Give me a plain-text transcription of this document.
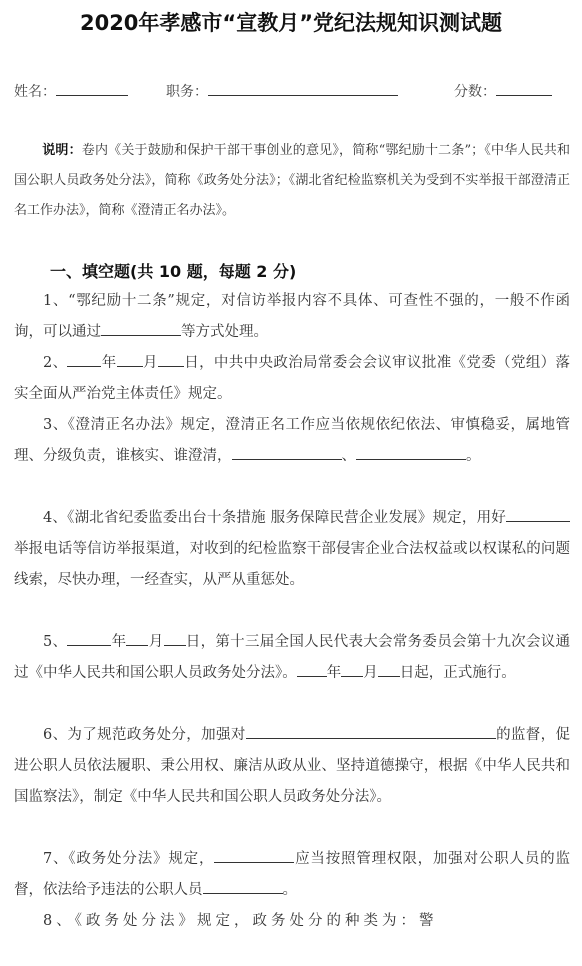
2020年孝感市“宣教月”党纪法规知识测试题
姓名：	职务：	分数：
说明：卷内《关于鼓励和保护干部干事创业的意见》，简称“鄂纪励十二条”；《中华人民共和国公职人员政务处分法》，简称《政务处分法》；《湖北省纪检监察机关为受到不实举报干部澄清正名工作办法》，简称《澄清正名办法》。
一、填空题(共 10 题，每题 2 分)
1、“鄂纪励十二条”规定，对信访举报内容不具体、可查性不强的，一般不作函询，可以通过	等方式处理。
2、 年 月 日，中共中央政治局常委会会议审议批准《党委（党组）落实全面从严治党主体责任》规定。
3、《澄清正名办法》规定，澄清正名工作应当依规依纪依法、审慎稳妥，属地管理、分级负责，谁核实、谁澄清，	、	。
4、《湖北省纪委监委出台十条措施 服务保障民营企业发展》规定，用好举报电话等信访举报渠道，对收到的纪检监察干部侵害企业合法权益或以权谋私的问题线索，尽快办理，一经查实，从严从重惩处。
5、	年 月 日，第十三届全国人民代表大会常务委员会第十九次会议通过《中华人民共和国公职人员政务处分法》。 年 月 日起，正式施行。
6、为了规范政务处分，加强对	的监督，促进公职人员依法履职、秉公用权、廉洁从政从业、坚持道德操守，根据《中华人民共和国监察法》，制定《中华人民共和国公职人员政务处分法》。
7、《政务处分法》规定，	应当按照管理权限，加强对公职人员的监督，依法给予违法的公职人员	。
8、《政务处分法》规定，政务处分的种类为：警
